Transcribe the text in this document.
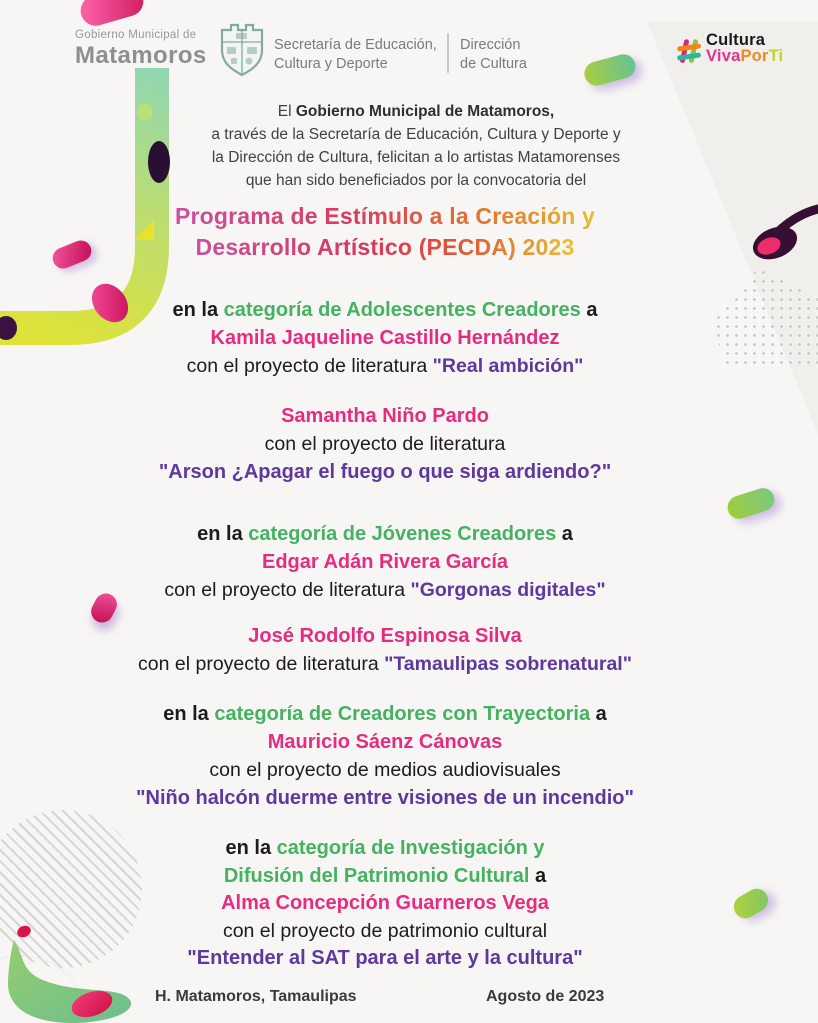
Gobierno Municipal de
Matamoros	Secretaría de Educación,
Cultura y Deporte
Dirección
de Cultura
Cultura
VivaPorTi
El Gobierno Municipal de Matamoros,
a través de la Secretaría de Educación, Cultura y Deporte y
la Dirección de Cultura, felicitan a lo artistas Matamorenses
que han sido beneficiados por la convocatoria del
Programa de Estímulo a la Creación y
Desarrollo Artístico (PECDA) 2023
en la categoría de Adolescentes Creadores a
Kamila Jaqueline Castillo Hernández
con el proyecto de literatura "Real ambición"
Samantha Niño Pardo
con el proyecto de literatura
"Arson ¿Apagar el fuego o que siga ardiendo?"
en la categoría de Jóvenes Creadores a
Edgar Adán Rivera García
con el proyecto de literatura "Gorgonas digitales"
José Rodolfo Espinosa Silva
con el proyecto de literatura "Tamaulipas sobrenatural"
en la categoría de Creadores con Trayectoria a
Mauricio Sáenz Cánovas
con el proyecto de medios audiovisuales
"Niño halcón duerme entre visiones de un incendio"
en la categoría de Investigación y
Difusión del Patrimonio Cultural a
Alma Concepción Guarneros Vega
con el proyecto de patrimonio cultural
"Entender al SAT para el arte y la cultura"
H. Matamoros, Tamaulipas	Agosto de 2023
